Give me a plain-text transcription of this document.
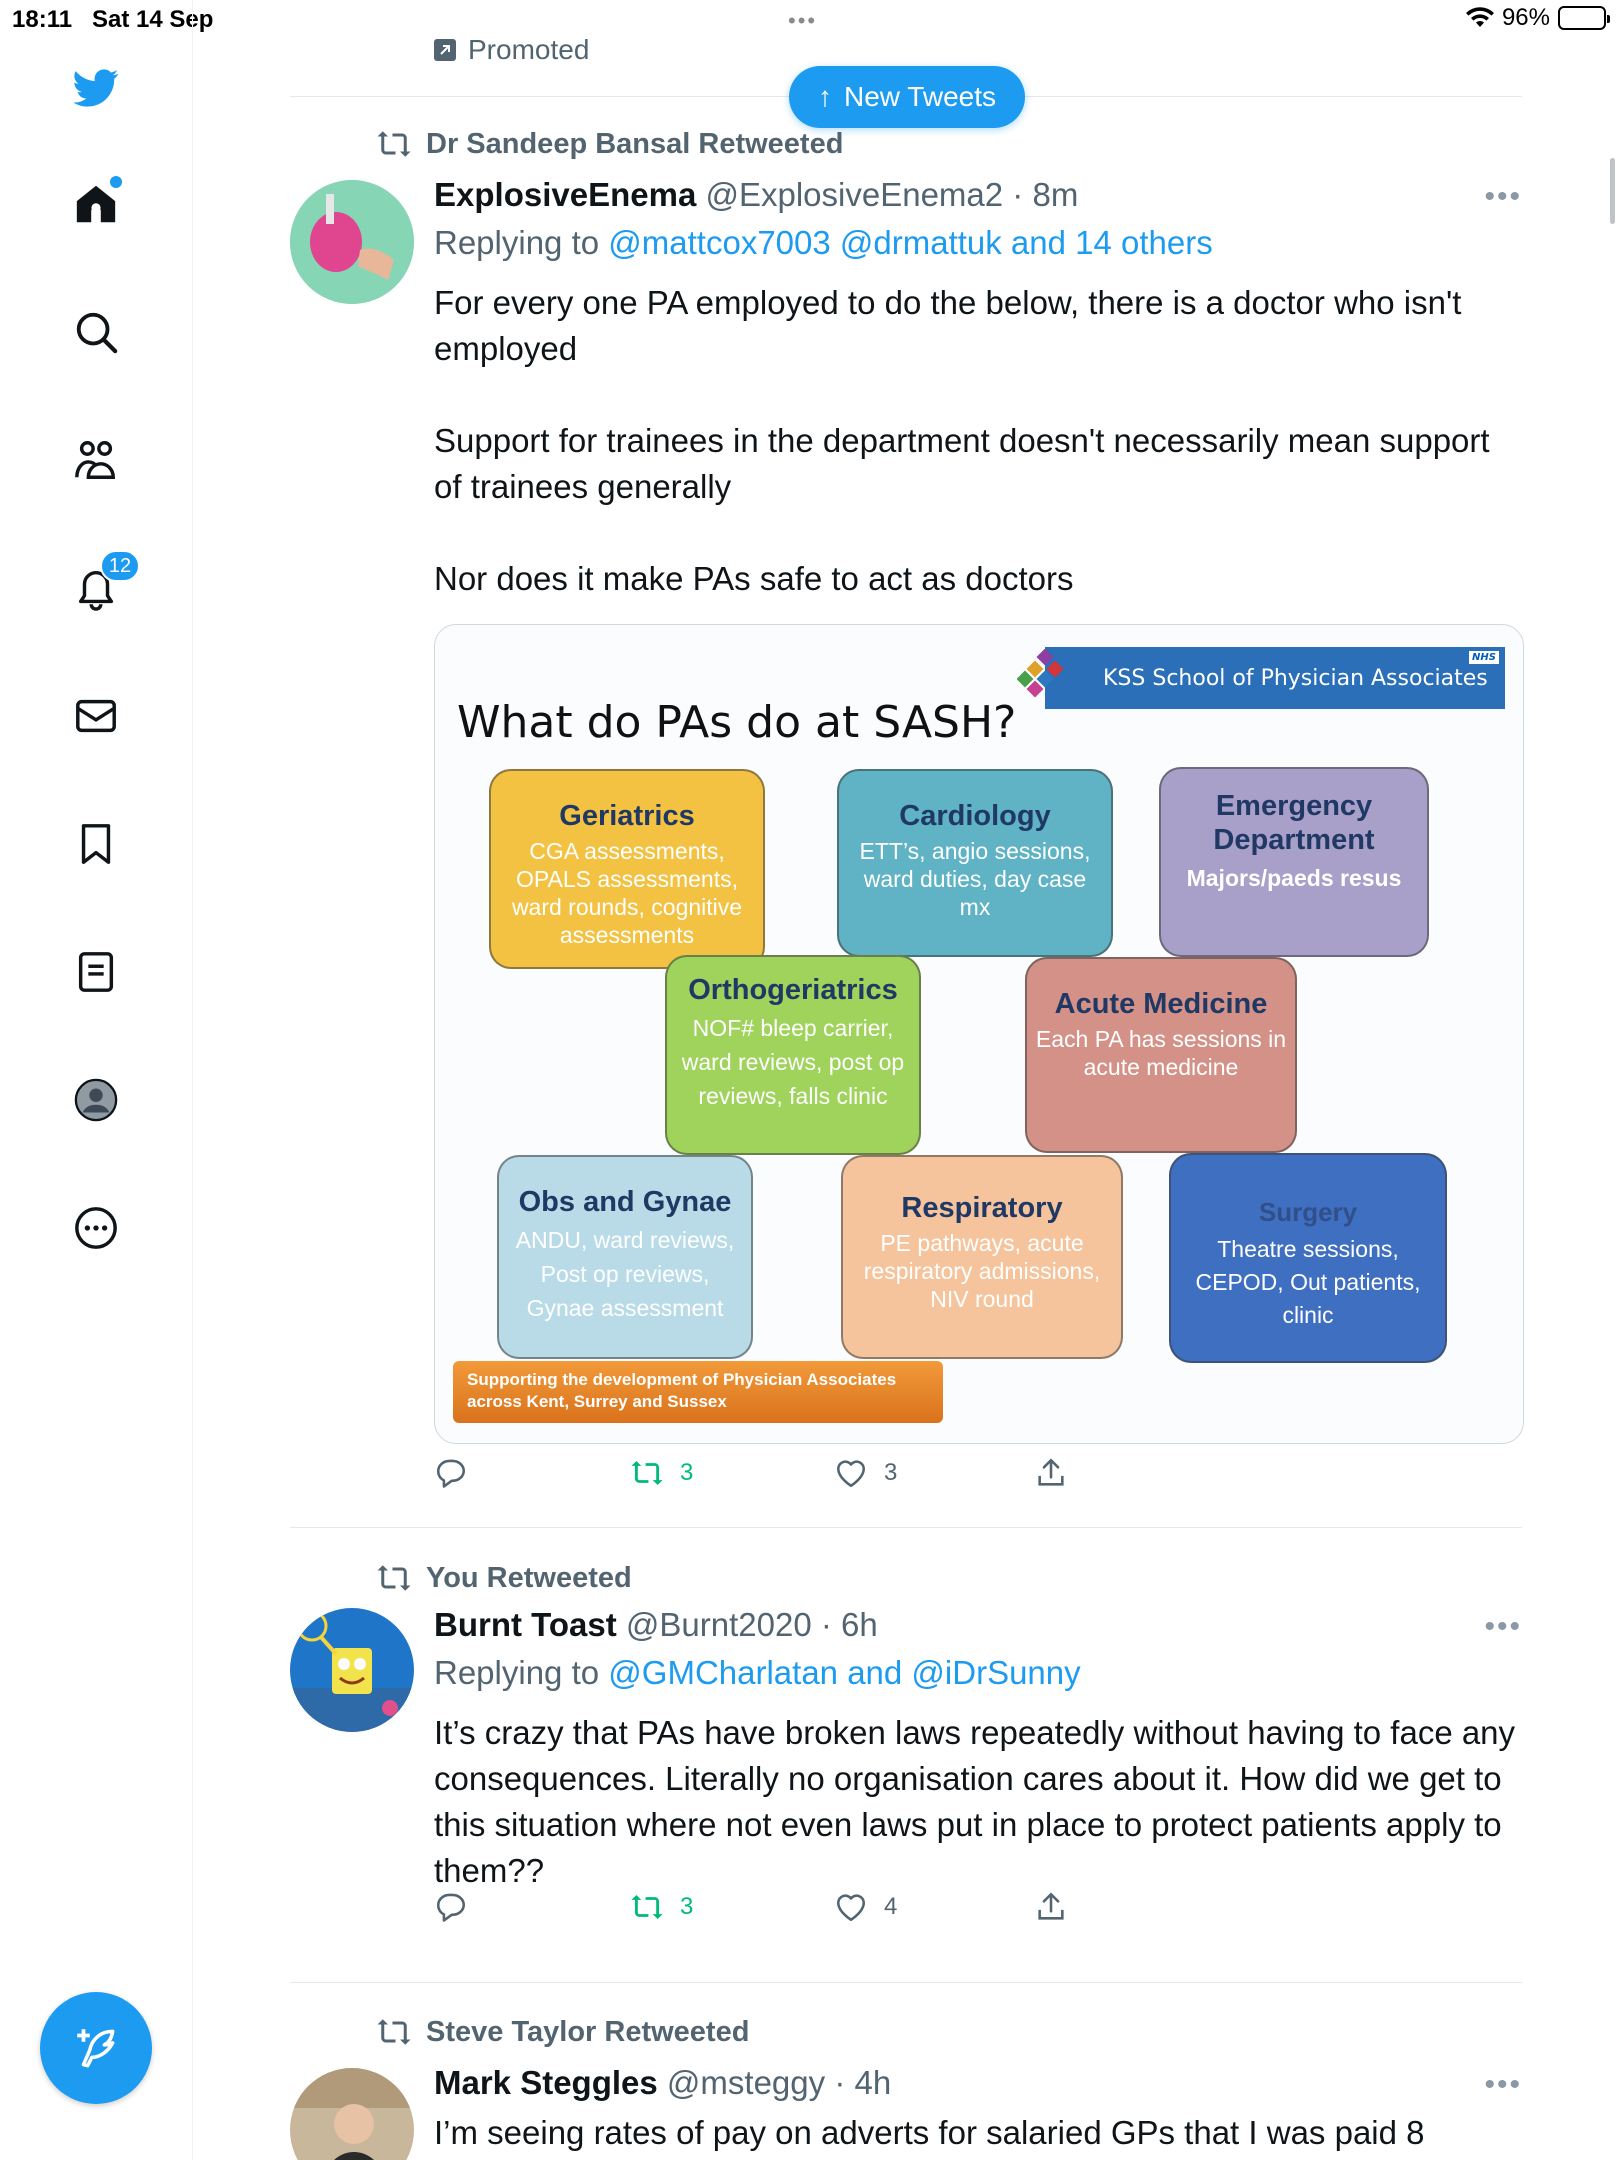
18:11 Sat 14 Sep	•••	96%
12
Promoted
↑ New Tweets
Dr Sandeep Bansal Retweeted
ExplosiveEnema @ExplosiveEnema2 · 8m	•••
Replying to @mattcox7003 @drmattuk and 14 others

For every one PA employed to do the below, there is a doctor who isn't employed

Support for trainees in the department doesn't necessarily mean support of trainees generally

Nor does it make PAs safe to act as doctors

KSS School of Physician Associates
NHS
What do PAs do at SASH?
Geriatrics
CGA assessments, OPALS assessments, ward rounds, cognitive assessments
Cardiology
ETT’s, angio sessions, ward duties, day case mx
Emergency Department
Majors/paeds resus
Orthogeriatrics
NOF# bleep carrier, ward reviews, post op reviews, falls clinic
Acute Medicine
Each PA has sessions in acute medicine
Obs and Gynae
ANDU, ward reviews, Post op reviews, Gynae assessment
Respiratory
PE pathways, acute respiratory admissions, NIV round
Surgery
Theatre sessions, CEPOD, Out patients, clinic
Supporting the development of Physician Associates across Kent, Surrey and Sussex
3	3
You Retweeted
Burnt Toast @Burnt2020 · 6h	•••
Replying to @GMCharlatan and @iDrSunny

It’s crazy that PAs have broken laws repeatedly without having to face any consequences. Literally no organisation cares about it. How did we get to this situation where not even laws put in place to protect patients apply to them??

3	4
Steve Taylor Retweeted
Mark Steggles @msteggy · 4h	•••

I’m seeing rates of pay on adverts for salaried GPs that I was paid 8
